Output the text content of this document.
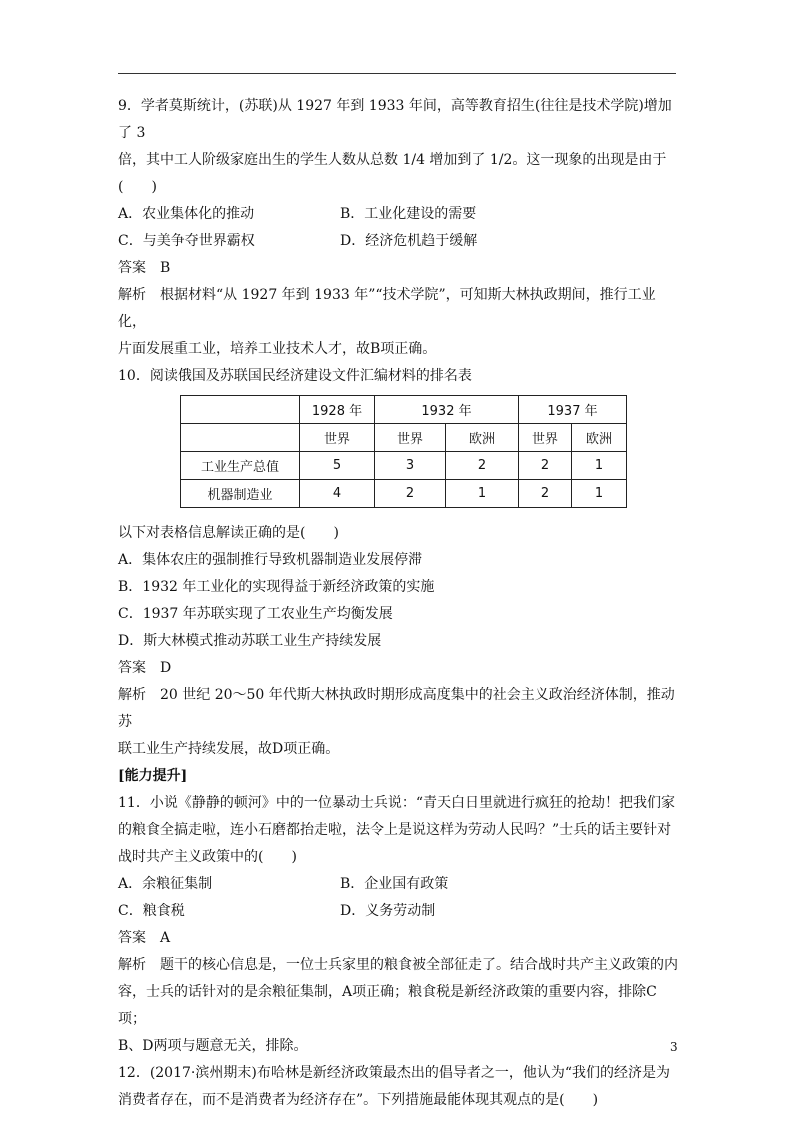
9．学者莫斯统计，(苏联)从 1927 年到 1933 年间，高等教育招生(往往是技术学院)增加了 3

倍，其中工人阶级家庭出生的学生人数从总数 1/4 增加到了 1/2。这一现象的出现是由于

(　　)

A．农业集体化的推动	B．工业化建设的需要
C．与美争夺世界霸权	D．经济危机趋于缓解

答案　B

解析　根据材料“从 1927 年到 1933 年”“技术学院”，可知斯大林执政期间，推行工业化，

片面发展重工业，培养工业技术人才，故B项正确。

10．阅读俄国及苏联国民经济建设文件汇编材料的排名表

	1928 年	1932 年		1937 年	
	世界	世界	欧洲	世界	欧洲
工业生产总值	5	3	2	2	1
机器制造业	4	2	1	2	1

以下对表格信息解读正确的是(　　)

A．集体农庄的强制推行导致机器制造业发展停滞

B．1932 年工业化的实现得益于新经济政策的实施

C．1937 年苏联实现了工农业生产均衡发展

D．斯大林模式推动苏联工业生产持续发展

答案　D

解析　20 世纪 20～50 年代斯大林执政时期形成高度集中的社会主义政治经济体制，推动苏

联工业生产持续发展，故D项正确。

[能力提升]

11．小说《静静的顿河》中的一位暴动士兵说：“青天白日里就进行疯狂的抢劫！把我们家

的粮食全搞走啦，连小石磨都抬走啦，法令上是说这样为劳动人民吗？”士兵的话主要针对

战时共产主义政策中的(　　)

A．余粮征集制	B．企业国有政策
C．粮食税	D．义务劳动制

答案　A

解析　题干的核心信息是，一位士兵家里的粮食被全部征走了。结合战时共产主义政策的内

容，士兵的话针对的是余粮征集制，A项正确；粮食税是新经济政策的重要内容，排除C项；

B、D两项与题意无关，排除。

12．(2017·滨州期末)布哈林是新经济政策最杰出的倡导者之一，他认为“我们的经济是为

消费者存在，而不是消费者为经济存在”。下列措施最能体现其观点的是(　　)

3
